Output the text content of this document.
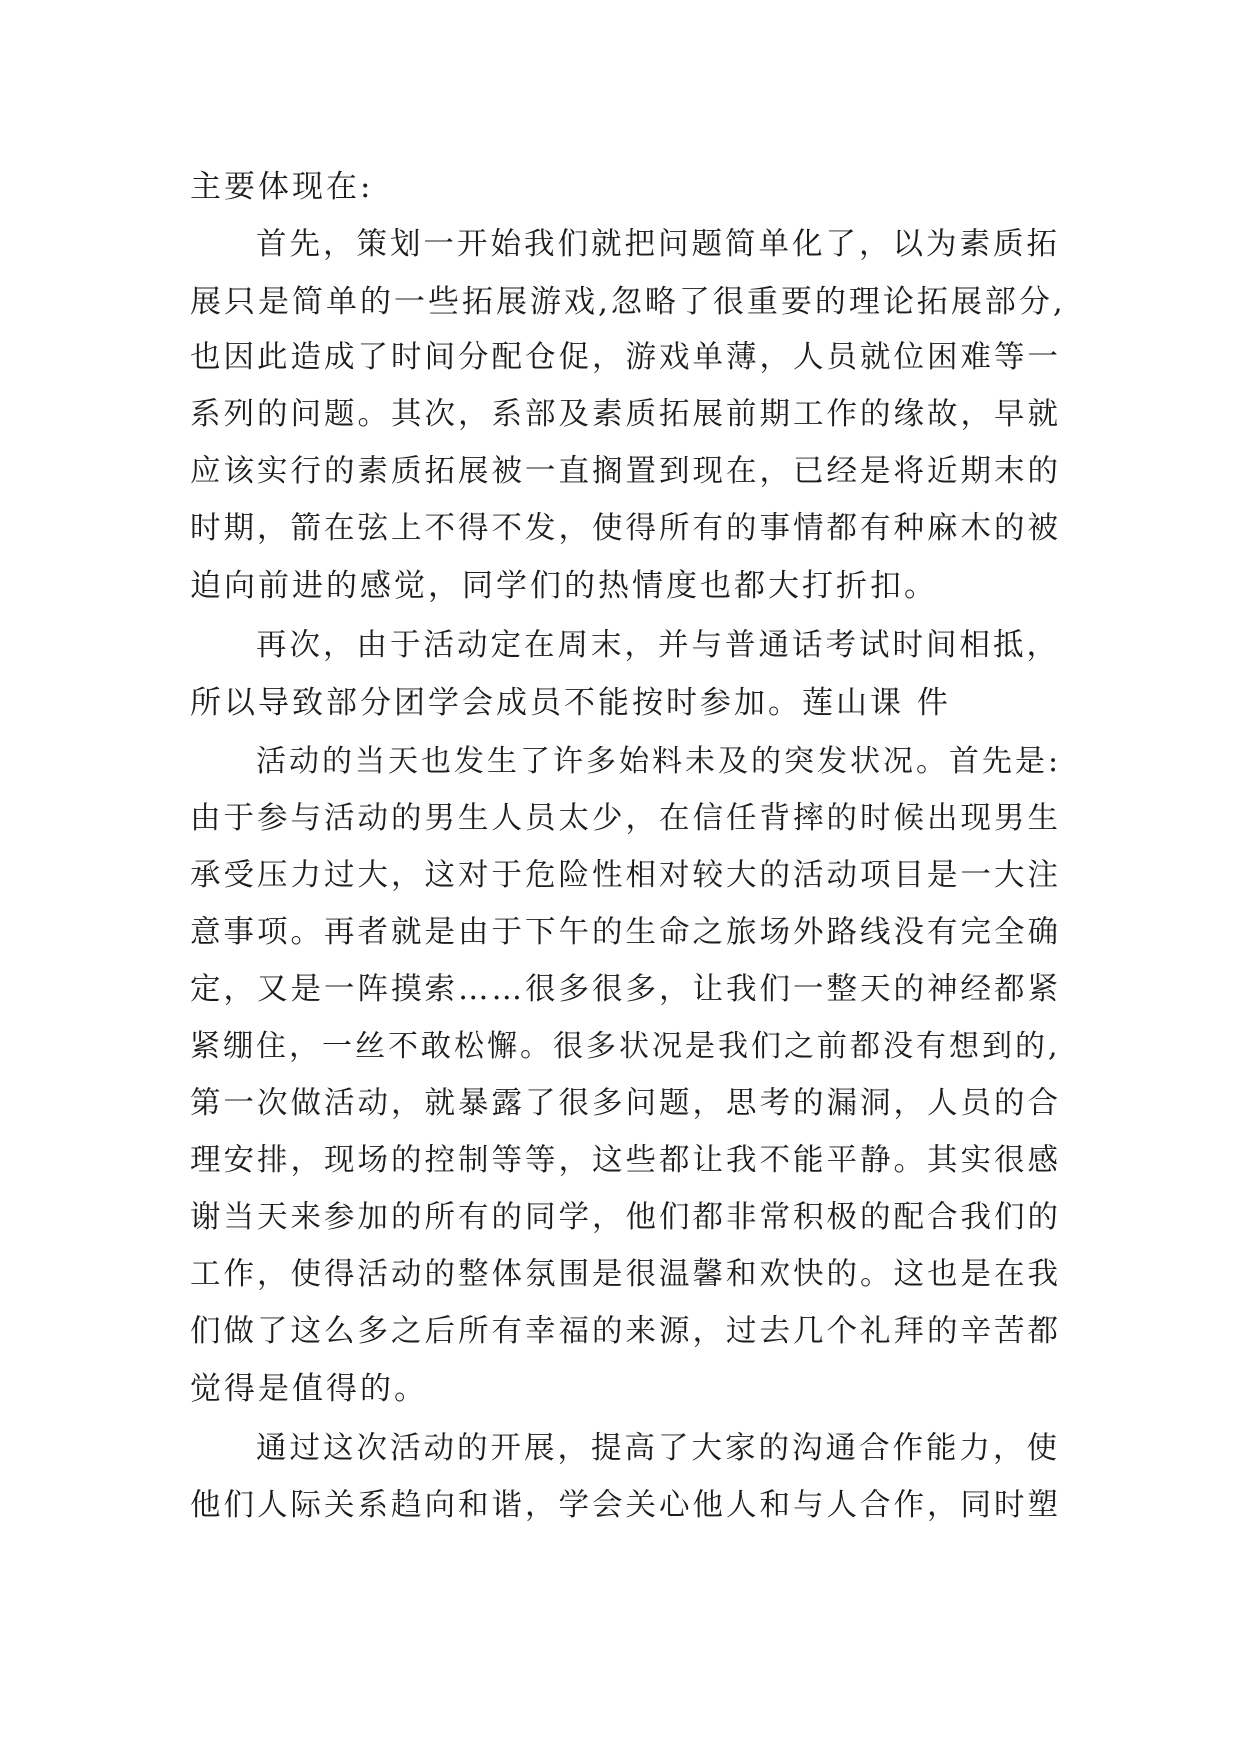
主要体现在:
首先，策划一开始我们就把问题简单化了，以为素质拓
展只是简单的一些拓展游戏,忽略了很重要的理论拓展部分,
也因此造成了时间分配仓促，游戏单薄，人员就位困难等一
系列的问题。其次，系部及素质拓展前期工作的缘故，早就
应该实行的素质拓展被一直搁置到现在，已经是将近期末的
时期，箭在弦上不得不发，使得所有的事情都有种麻木的被
迫向前进的感觉，同学们的热情度也都大打折扣。
再次，由于活动定在周末，并与普通话考试时间相抵，
所以导致部分团学会成员不能按时参加。莲山课 件
活动的当天也发生了许多始料未及的突发状况。首先是:
由于参与活动的男生人员太少，在信任背摔的时候出现男生
承受压力过大，这对于危险性相对较大的活动项目是一大注
意事项。再者就是由于下午的生命之旅场外路线没有完全确
定，又是一阵摸索……很多很多，让我们一整天的神经都紧
紧绷住，一丝不敢松懈。很多状况是我们之前都没有想到的,
第一次做活动，就暴露了很多问题，思考的漏洞，人员的合
理安排，现场的控制等等，这些都让我不能平静。其实很感
谢当天来参加的所有的同学，他们都非常积极的配合我们的
工作，使得活动的整体氛围是很温馨和欢快的。这也是在我
们做了这么多之后所有幸福的来源，过去几个礼拜的辛苦都
觉得是值得的。
通过这次活动的开展，提高了大家的沟通合作能力，使
他们人际关系趋向和谐，学会关心他人和与人合作，同时塑
